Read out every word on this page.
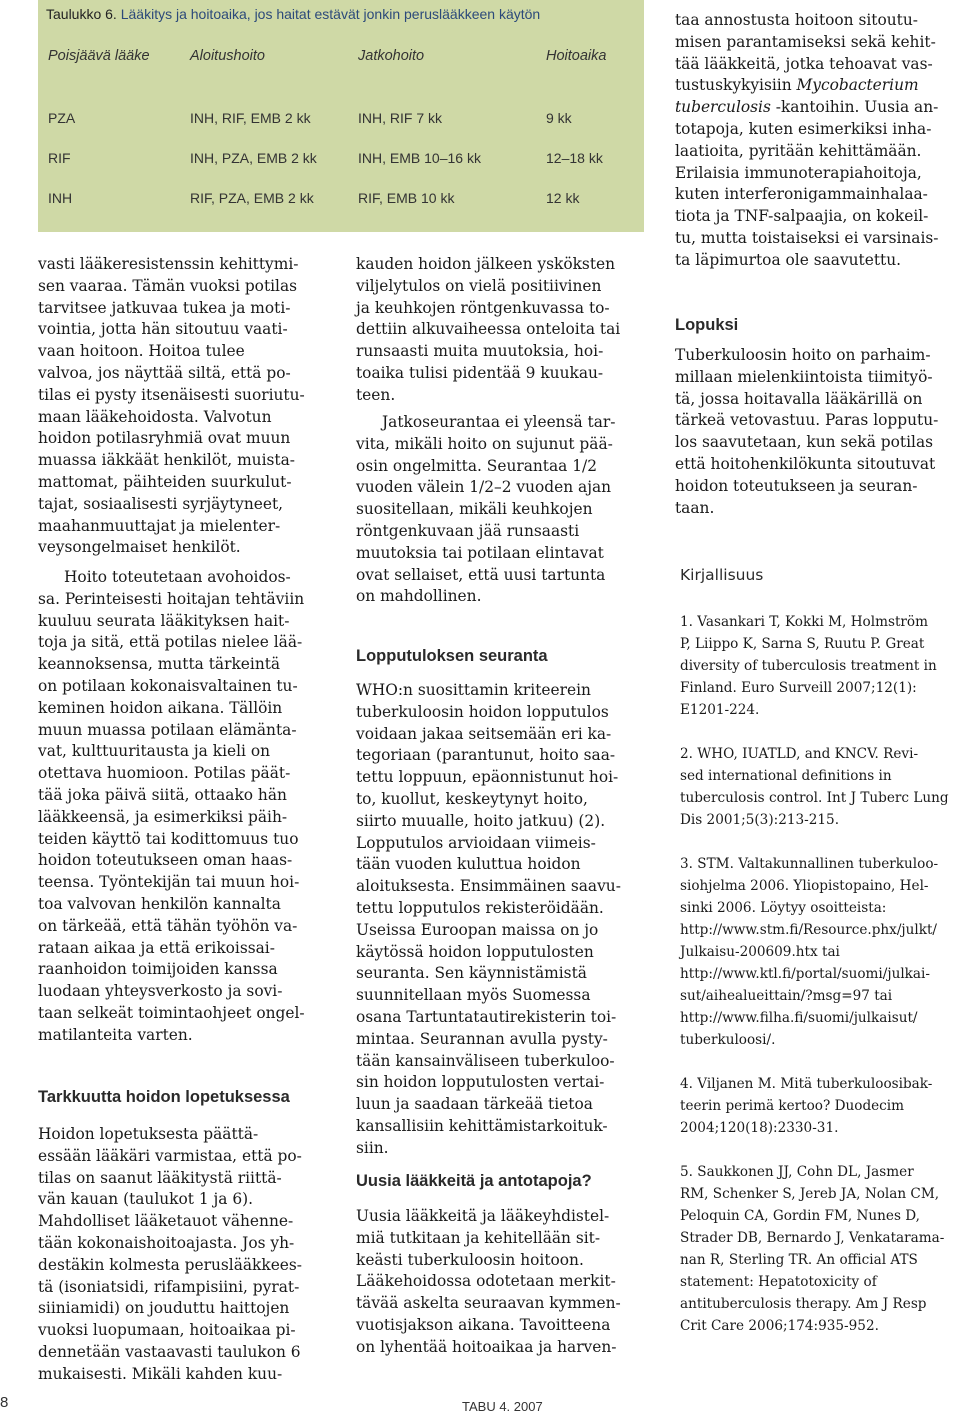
Taulukko 6. Lääkitys ja hoitoaika, jos haitat estävät jonkin peruslääkkeen käytön
Poisjäävä lääke	Aloitushoito	Jatkohoito	Hoitoaika
PZA	INH, RIF, EMB 2 kk	INH, RIF 7 kk	9 kk
RIF	INH, PZA, EMB 2 kk	INH, EMB 10–16 kk	12–18 kk
INH	RIF, PZA, EMB 2 kk	RIF, EMB 10 kk	12 kk
vasti lääkeresistenssin kehittymi-
sen vaaraa. Tämän vuoksi potilas
tarvitsee jatkuvaa tukea ja moti-
vointia, jotta hän sitoutuu vaati-
vaan hoitoon. Hoitoa tulee
valvoa, jos näyttää siltä, että po-
tilas ei pysty itsenäisesti suoriutu-
maan lääkehoidosta. Valvotun
hoidon potilasryhmiä ovat muun
muassa iäkkäät henkilöt, muista-
mattomat, päihteiden suurkulut-
tajat, sosiaalisesti syrjäytyneet,
maahanmuuttajat ja mielenter-
veysongelmaiset henkilöt.
Hoito toteutetaan avohoidos-
sa. Perinteisesti hoitajan tehtäviin
kuuluu seurata lääkityksen hait-
toja ja sitä, että potilas nielee lää-
keannoksensa, mutta tärkeintä
on potilaan kokonaisvaltainen tu-
keminen hoidon aikana. Tällöin
muun muassa potilaan elämänta-
vat, kulttuuritausta ja kieli on
otettava huomioon. Potilas päät-
tää joka päivä siitä, ottaako hän
lääkkeensä, ja esimerkiksi päih-
teiden käyttö tai kodittomuus tuo
hoidon toteutukseen oman haas-
teensa. Työntekijän tai muun hoi-
toa valvovan henkilön kannalta
on tärkeää, että tähän työhön va-
rataan aikaa ja että erikoissai-
raanhoidon toimijoiden kanssa
luodaan yhteysverkosto ja sovi-
taan selkeät toimintaohjeet ongel-
matilanteita varten.
Tarkkuutta hoidon lopetuksessa
Hoidon lopetuksesta päättä-
essään lääkäri varmistaa, että po-
tilas on saanut lääkitystä riittä-
vän kauan (taulukot 1 ja 6).
Mahdolliset lääketauot vähenne-
tään kokonaishoitoajasta. Jos yh-
destäkin kolmesta peruslääkkees-
tä (isoniatsidi, rifampisiini, pyrat-
siiniamidi) on jouduttu haittojen
vuoksi luopumaan, hoitoaikaa pi-
dennetään vastaavasti taulukon 6
mukaisesti. Mikäli kahden kuu-
kauden hoidon jälkeen ysköksten
viljelytulos on vielä positiivinen
ja keuhkojen röntgenkuvassa to-
dettiin alkuvaiheessa onteloita tai
runsaasti muita muutoksia, hoi-
toaika tulisi pidentää 9 kuukau-
teen.
Jatkoseurantaa ei yleensä tar-
vita, mikäli hoito on sujunut pää-
osin ongelmitta. Seurantaa 1/2
vuoden välein 1/2–2 vuoden ajan
suositellaan, mikäli keuhkojen
röntgenkuvaan jää runsaasti
muutoksia tai potilaan elintavat
ovat sellaiset, että uusi tartunta
on mahdollinen.
Lopputuloksen seuranta
WHO:n suosittamin kriteerein
tuberkuloosin hoidon lopputulos
voidaan jakaa seitsemään eri ka-
tegoriaan (parantunut, hoito saa-
tettu loppuun, epäonnistunut hoi-
to, kuollut, keskeytynyt hoito,
siirto muualle, hoito jatkuu) (2).
Lopputulos arvioidaan viimeis-
tään vuoden kuluttua hoidon
aloituksesta. Ensimmäinen saavu-
tettu lopputulos rekisteröidään.
Useissa Euroopan maissa on jo
käytössä hoidon lopputulosten
seuranta. Sen käynnistämistä
suunnitellaan myös Suomessa
osana Tartuntatautirekisterin toi-
mintaa. Seurannan avulla pysty-
tään kansainväliseen tuberkuloo-
sin hoidon lopputulosten vertai-
luun ja saadaan tärkeää tietoa
kansallisiin kehittämistarkoituk-
siin.
Uusia lääkkeitä ja antotapoja?
Uusia lääkkeitä ja lääkeyhdistel-
miä tutkitaan ja kehitellään sit-
keästi tuberkuloosin hoitoon.
Lääkehoidossa odotetaan merkit-
tävää askelta seuraavan kymmen-
vuotisjakson aikana. Tavoitteena
on lyhentää hoitoaikaa ja harven-
taa annostusta hoitoon sitoutu-
misen parantamiseksi sekä kehit-
tää lääkkeitä, jotka tehoavat vas-
tustuskykyisiin Mycobacterium
tuberculosis -kantoihin. Uusia an-
totapoja, kuten esimerkiksi inha-
laatioita, pyritään kehittämään.
Erilaisia immunoterapiahoitoja,
kuten interferonigammainhalaa-
tiota ja TNF-salpaajia, on kokeil-
tu, mutta toistaiseksi ei varsinais-
ta läpimurtoa ole saavutettu.
Lopuksi
Tuberkuloosin hoito on parhaim-
millaan mielenkiintoista tiimityö-
tä, jossa hoitavalla lääkärillä on
tärkeä vetovastuu. Paras lopputu-
los saavutetaan, kun sekä potilas
että hoitohenkilökunta sitoutuvat
hoidon toteutukseen ja seuran-
taan.
Kirjallisuus
1. Vasankari T, Kokki M, Holmström
P, Liippo K, Sarna S, Ruutu P. Great
diversity of tuberculosis treatment in
Finland. Euro Surveill 2007;12(1):
E1201-224.
2. WHO, IUATLD, and KNCV. Revi-
sed international definitions in
tuberculosis control. Int J Tuberc Lung
Dis 2001;5(3):213-215.
3. STM. Valtakunnallinen tuberkuloo-
siohjelma 2006. Yliopistopaino, Hel-
sinki 2006. Löytyy osoitteista:
http://www.stm.fi/Resource.phx/julkt/
Julkaisu-200609.htx tai
http://www.ktl.fi/portal/suomi/julkai-
sut/aihealueittain/?msg=97 tai
http://www.filha.fi/suomi/julkaisut/
tuberkuloosi/.
4. Viljanen M. Mitä tuberkuloosibak-
teerin perimä kertoo? Duodecim
2004;120(18):2330-31.
5. Saukkonen JJ, Cohn DL, Jasmer
RM, Schenker S, Jereb JA, Nolan CM,
Peloquin CA, Gordin FM, Nunes D,
Strader DB, Bernardo J, Venkatarama-
nan R, Sterling TR. An official ATS
statement: Hepatotoxicity of
antituberculosis therapy. Am J Resp
Crit Care 2006;174:935-952.
8	TABU 4. 2007
